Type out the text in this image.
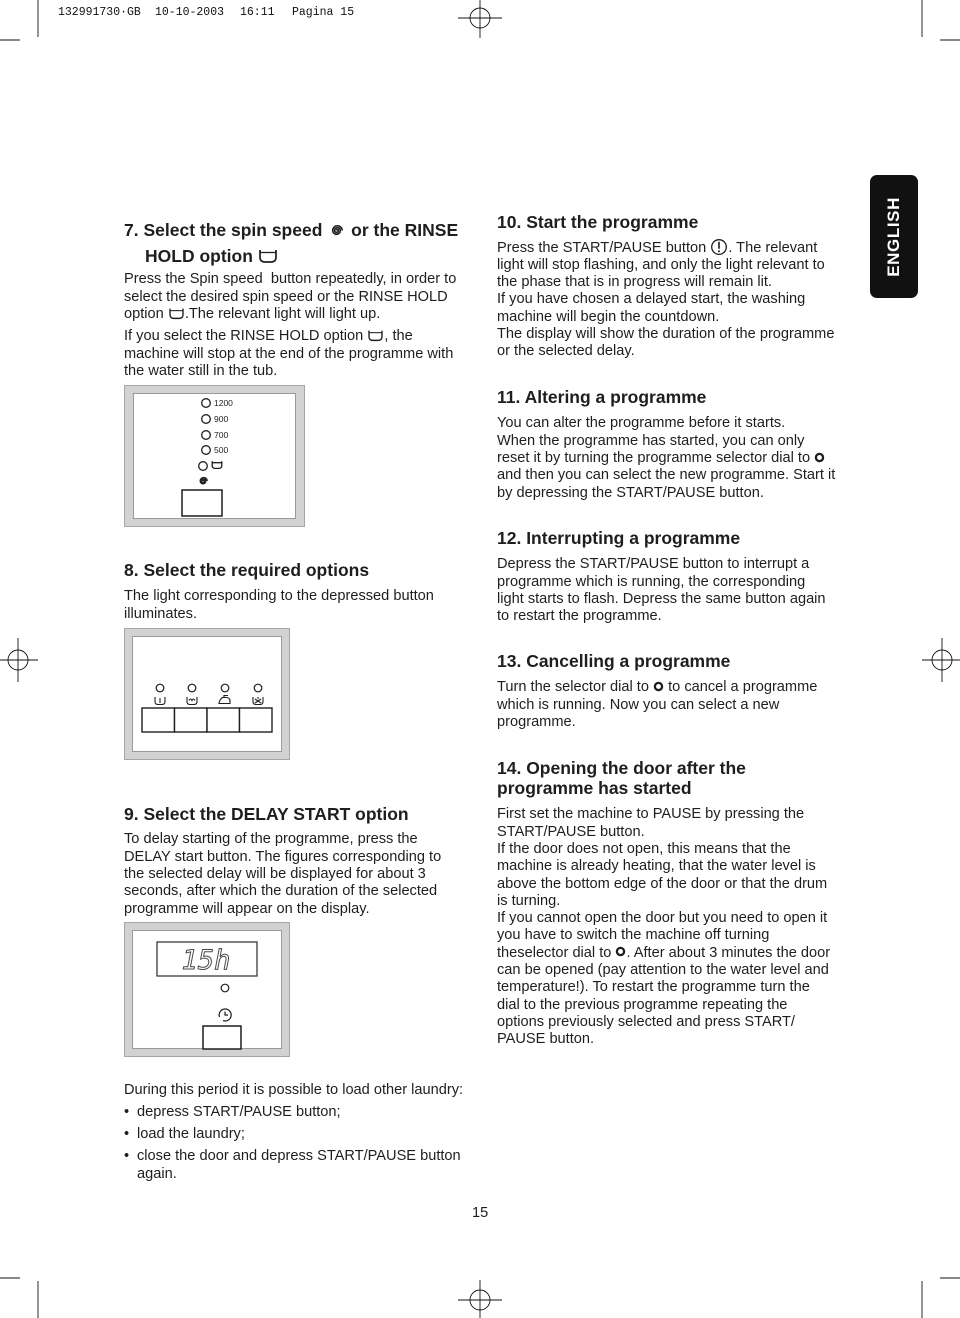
132991730·GB 10-10-2003 16:11 Pagina 15
ENGLISH
7. Select the spin speed or the RINSE
HOLD option
Press the Spin speed  button repeatedly, in order to
select the desired spin speed or the RINSE HOLD
option .The relevant light will light up.
If you select the RINSE HOLD option , the
machine will stop at the end of the programme with
the water still in the tub.
1200
900
700
500
8. Select the required options
The light corresponding to the depressed button
illuminates.
9. Select the DELAY START option
To delay starting of the programme, press the
DELAY start button. The figures corresponding to
the selected delay will be displayed for about 3
seconds, after which the duration of the selected
programme will appear on the display.
15h
During this period it is possible to load other laundry:
• depress START/PAUSE button;
• load the laundry;
• close the door and depress START/PAUSE button
again.
10. Start the programme
Press the START/PAUSE button . The relevant
light will stop flashing, and only the light relevant to
the phase that is in progress will remain lit.
If you have chosen a delayed start, the washing
machine will begin the countdown.
The display will show the duration of the programme
or the selected delay.
11. Altering a programme
You can alter the programme before it starts.
When the programme has started, you can only
reset it by turning the programme selector dial to
and then you can select the new programme. Start it
by depressing the START/PAUSE button.
12. Interrupting a programme
Depress the START/PAUSE button to interrupt a
programme which is running, the corresponding
light starts to flash. Depress the same button again
to restart the programme.
13. Cancelling a programme
Turn the selector dial to to cancel a programme
which is running. Now you can select a new
programme.
14. Opening the door after the
programme has started
First set the machine to PAUSE by pressing the
START/PAUSE button.
If the door does not open, this means that the
machine is already heating, that the water level is
above the bottom edge of the door or that the drum
is turning.
If you cannot open the door but you need to open it
you have to switch the machine off turning
theselector dial to . After about 3 minutes the door
can be opened (pay attention to the water level and
temperature!). To restart the programme turn the
dial to the previous programme repeating the
options previously selected and press START/
PAUSE button.
15
